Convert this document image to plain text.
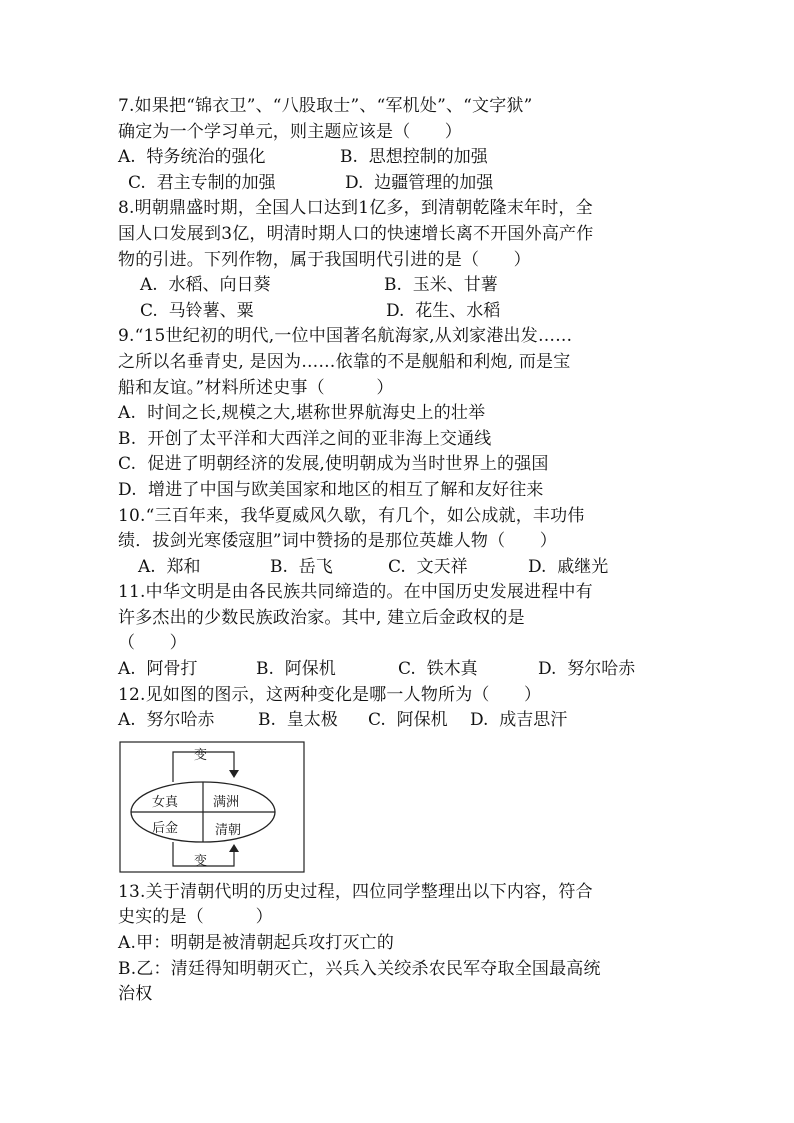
7.如果把“锦衣卫”、“八股取士”、“军机处”、“文字狱”
确定为一个学习单元，则主题应该是（　　）

A.  特务统治的强化

	B.  思想控制的加强

C.  君主专制的加强

	D.  边疆管理的加强

8.明朝鼎盛时期，全国人口达到1亿多，到清朝乾隆末年时，全
国人口发展到3亿，明清时期人口的快速增长离不开国外高产作
物的引进。下列作物，属于我国明代引进的是（　　）

A.  水稻、向日葵

	B.  玉米、甘薯

C.  马铃薯、粟

	D.  花生、水稻

9.“15世纪初的明代,一位中国著名航海家,从刘家港出发……
之所以名垂青史, 是因为……依靠的不是舰船和利炮, 而是宝
船和友谊。”材料所述史事（　　　）
A.  时间之长,规模之大,堪称世界航海史上的壮举
B.  开创了太平洋和大西洋之间的亚非海上交通线
C.  促进了明朝经济的发展,使明朝成为当时世界上的强国
D.  增进了中国与欧美国家和地区的相互了解和友好往来
10.“三百年来，我华夏威风久歇，有几个，如公成就，丰功伟
绩．拔剑光寒倭寇胆”词中赞扬的是那位英雄人物（　　）

A.  郑和

	B.  岳飞

	C.  文天祥

	D.  戚继光

11.中华文明是由各民族共同缔造的。在中国历史发展进程中有
许多杰出的少数民族政治家。其中, 建立后金政权的是
（　　）

A.  阿骨打

	B.  阿保机

	C.  铁木真

	D.  努尔哈赤

12.见如图的图示，这两种变化是哪一人物所为（　　）

A.  努尔哈赤

	B.  皇太极

C.  阿保机

D.  成吉思汗

变
变
女真	满洲
后金	清朝
13.关于清朝代明的历史过程，四位同学整理出以下内容，符合
史实的是（　　　）
A.甲：明朝是被清朝起兵攻打灭亡的
B.乙：清廷得知明朝灭亡，兴兵入关绞杀农民军夺取全国最高统
治权
